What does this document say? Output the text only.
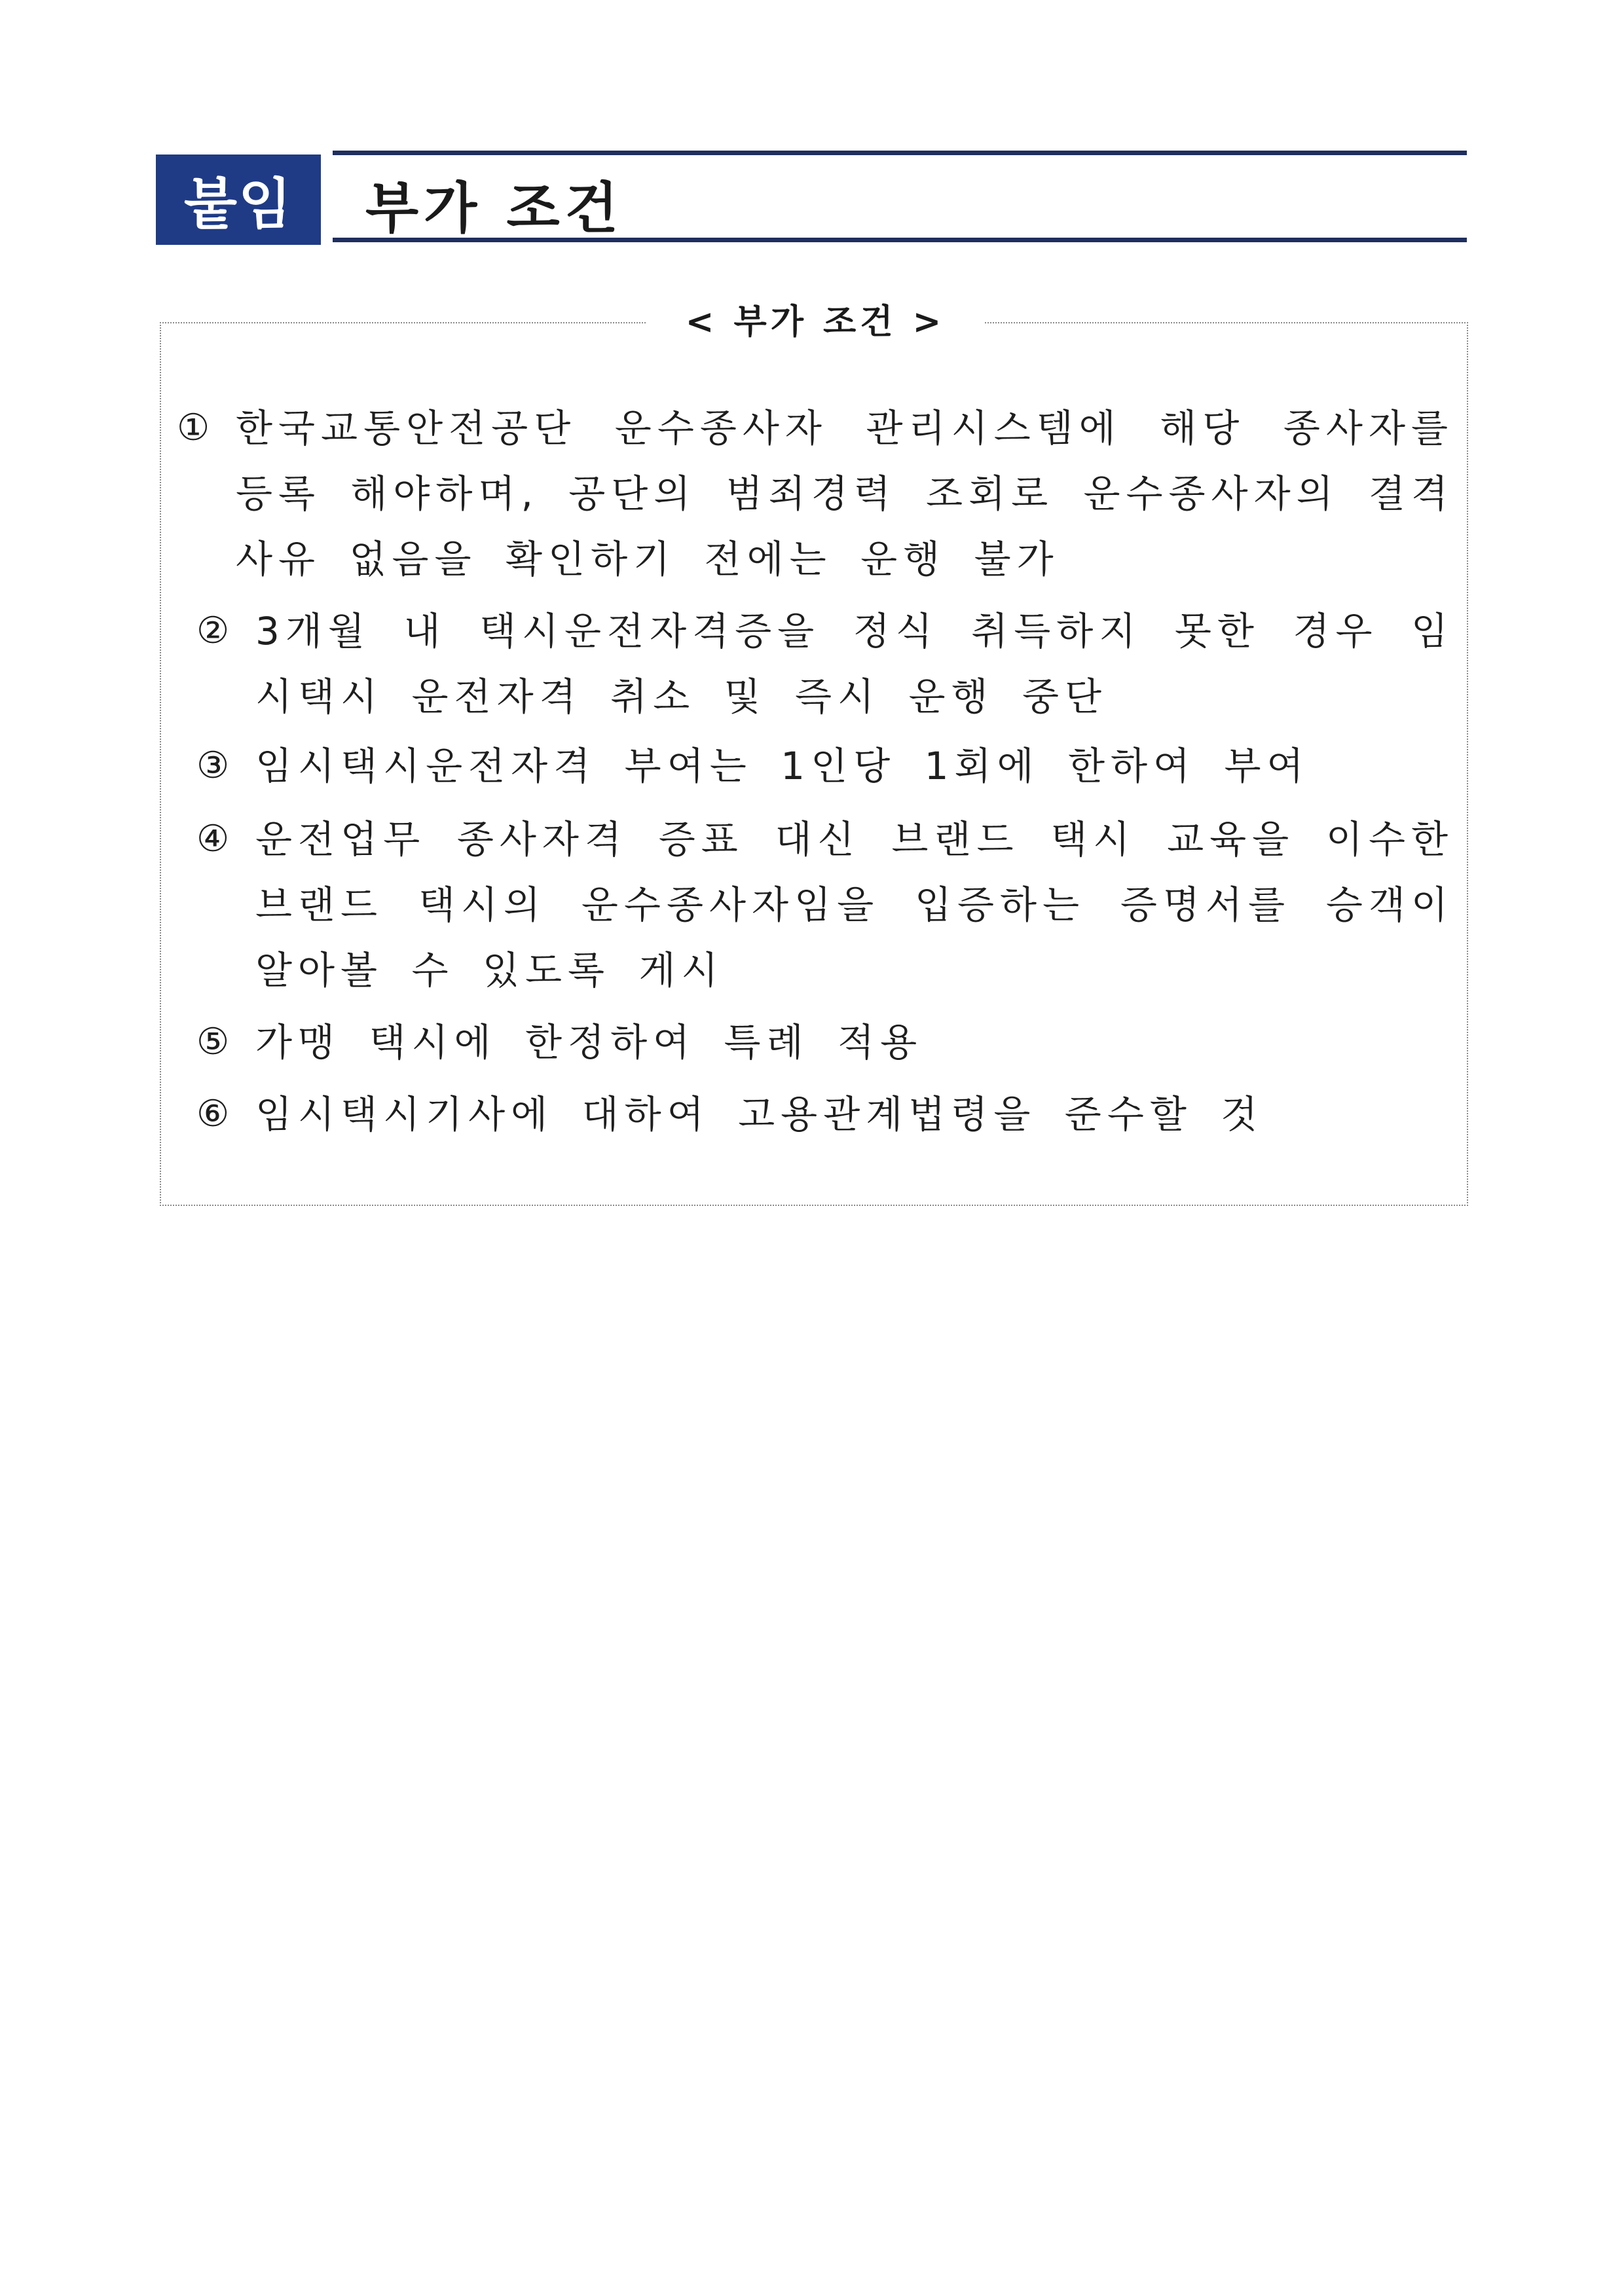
붙임	부가 조건
< 부가 조건 >
① 한국교통안전공단 운수종사자 관리시스템에 해당 종사자를 등록 해야하며, 공단의 범죄경력 조회로 운수종사자의 결격사유 없음을 확인하기 전에는 운행 불가
② 3개월 내 택시운전자격증을 정식 취득하지 못한 경우 임시택시 운전자격 취소 및 즉시 운행 중단
③ 임시택시운전자격 부여는 1인당 1회에 한하여 부여
④ 운전업무 종사자격 증표 대신 브랜드 택시 교육을 이수한 브랜드 택시의 운수종사자임을 입증하는 증명서를 승객이 알아볼 수 있도록 게시
⑤ 가맹 택시에 한정하여 특례 적용
⑥ 임시택시기사에 대하여 고용관계법령을 준수할 것
